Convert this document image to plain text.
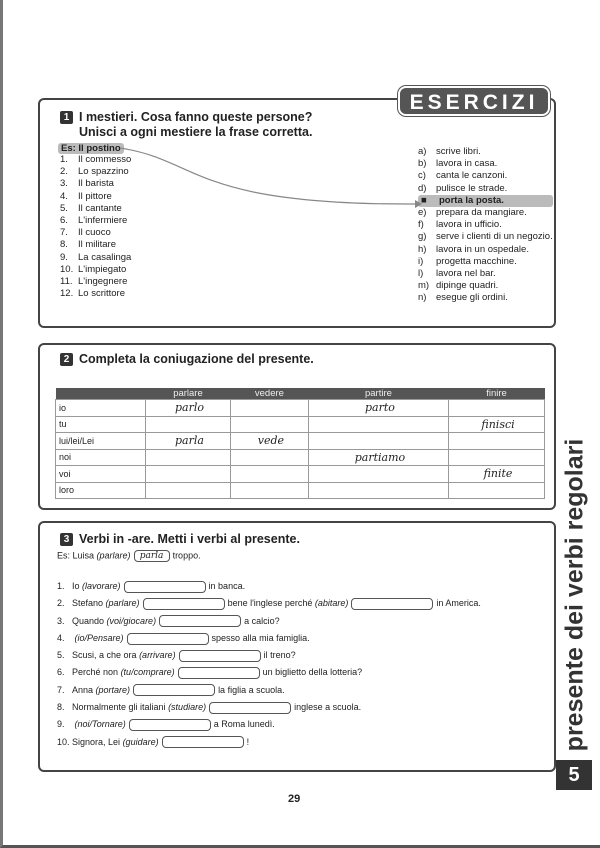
ESERCIZI
1 I mestieri. Cosa fanno queste persone?
Unisci a ogni mestiere la frase corretta.
Es: Il postino
1. Il commesso
2. Lo spazzino
3. Il barista
4. Il pittore
5. Il cantante
6. L'infermiere
7. Il cuoco
8. Il militare
9. La casalinga
10. L'impiegato
11. L'ingegnere
12. Lo scrittore
a) scrive libri.
b) lavora in casa.
c) canta le canzoni.
d) pulisce le strade.
■ porta la posta.
e) prepara da mangiare.
f) lavora in ufficio.
g) serve i clienti di un negozio.
h) lavora in un ospedale.
i) progetta macchine.
l) lavora nel bar.
m) dipinge quadri.
n) esegue gli ordini.
2 Completa la coniugazione del presente.
	parlare	vedere	partire	finire
io	parlo		parto	
tu				finisci
lui/lei/Lei	parla	vede		
noi			partiamo	
voi				finite
loro				
3 Verbi in -are. Metti i verbi al presente.
Es: Luisa (parlare) parla troppo.
1. Io (lavorare)	in banca.
2. Stefano (parlare)	bene l'inglese perché (abitare)	in America.
3. Quando (voi/giocare)	a calcio?
4. (io/Pensare)	spesso alla mia famiglia.
5. Scusi, a che ora (arrivare)	il treno?
6. Perché non (tu/comprare)	un biglietto della lotteria?
7. Anna (portare)	la figlia a scuola.
8. Normalmente gli italiani (studiare)	inglese a scuola.
9. (noi/Tornare)	a Roma lunedì.
10. Signora, Lei (guidare)	!	presente dei verbi regolari
5
29
